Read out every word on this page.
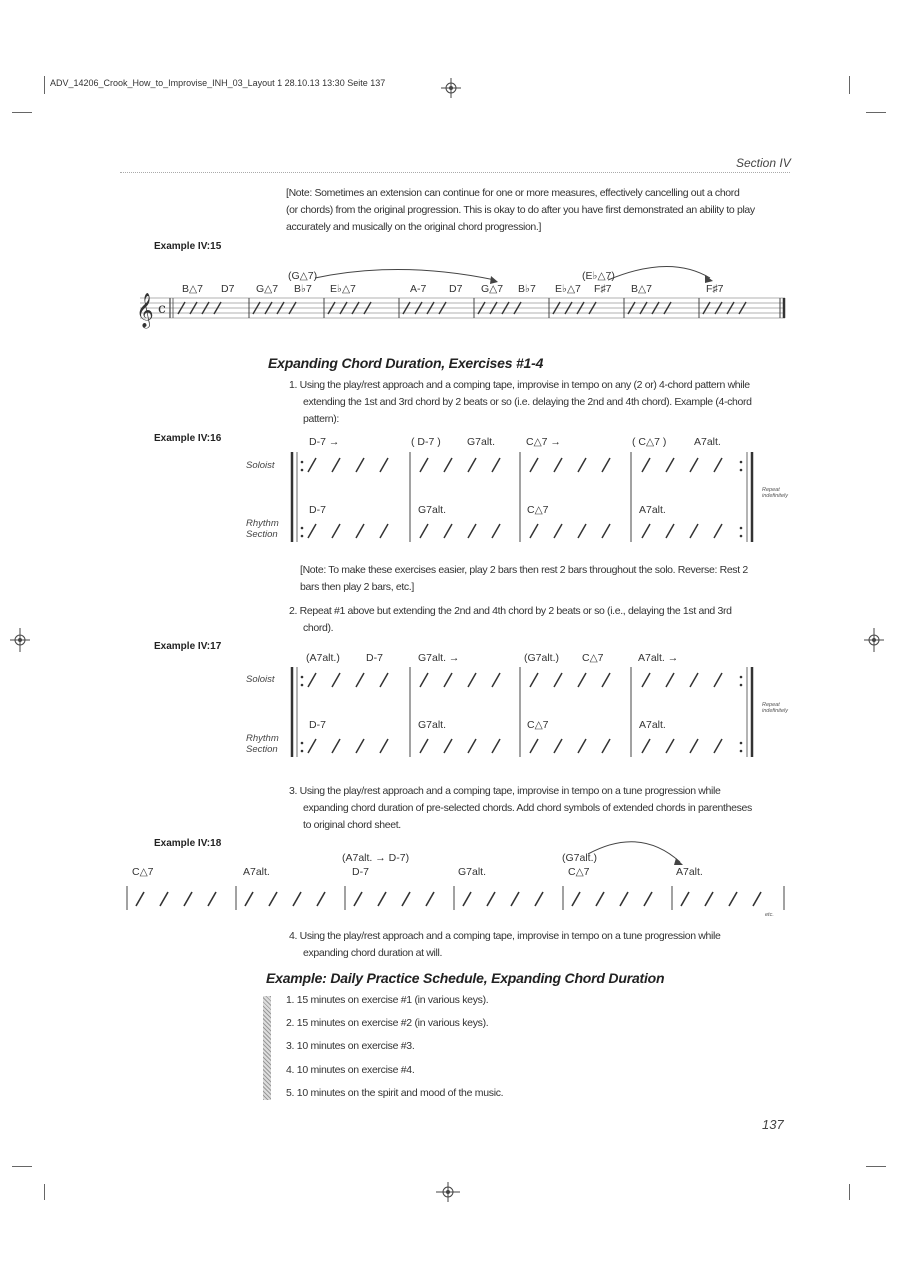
ADV_14206_Crook_How_to_Improvise_INH_03_Layout 1 28.10.13 13:30 Seite 137
Section IV
[Note: Sometimes an extension can continue for one or more measures, effectively cancelling out a chord
(or chords) from the original progression. This is okay to do after you have first demonstrated an ability to play
accurately and musically on the original chord progression.]
Example IV:15
𝄞 c
(G△7)	(E♭△7)
B△7 D7 G△7 B♭7 E♭△7	A-7 D7 G△7 B♭7 E♭△7 F♯7 B△7	F♯7
Expanding Chord Duration, Exercises #1-4
1. Using the play/rest approach and a comping tape, improvise in tempo on any (2 or) 4-chord pattern while
extending the 1st and 3rd chord by 2 beats or so (i.e. delaying the 2nd and 4th chord). Example (4-chord
pattern):
Example IV:16	D-7 →	( D-7 )	G7alt.	C△7 →	( C△7 )	A7alt.
Soloist
D-7	G7alt.	C△7	A7alt.
Rhythm
Section
Repeat
indefinitely
[Note: To make these exercises easier, play 2 bars then rest 2 bars throughout the solo. Reverse: Rest 2
bars then play 2 bars, etc.]
2. Repeat #1 above but extending the 2nd and 4th chord by 2 beats or so (i.e., delaying the 1st and 3rd
chord).
Example IV:17
(A7alt.) D-7	G7alt. →	(G7alt.) C△7	A7alt. →
Soloist
D-7	G7alt.	C△7	A7alt.
Rhythm
Section
Repeat
indefinitely
3. Using the play/rest approach and a comping tape, improvise in tempo on a tune progression while
expanding chord duration of pre-selected chords. Add chord symbols of extended chords in parentheses
to original chord sheet.
Example IV:18
(A7alt. → D-7)	(G7alt.)
C△7	A7alt.	D-7	G7alt.	C△7	A7alt.
etc.
4. Using the play/rest approach and a comping tape, improvise in tempo on a tune progression while
expanding chord duration at will.
Example: Daily Practice Schedule, Expanding Chord Duration
1. 15 minutes on exercise #1 (in various keys).
2. 15 minutes on exercise #2 (in various keys).
3. 10 minutes on exercise #3.
4. 10 minutes on exercise #4.
5. 10 minutes on the spirit and mood of the music.
137
